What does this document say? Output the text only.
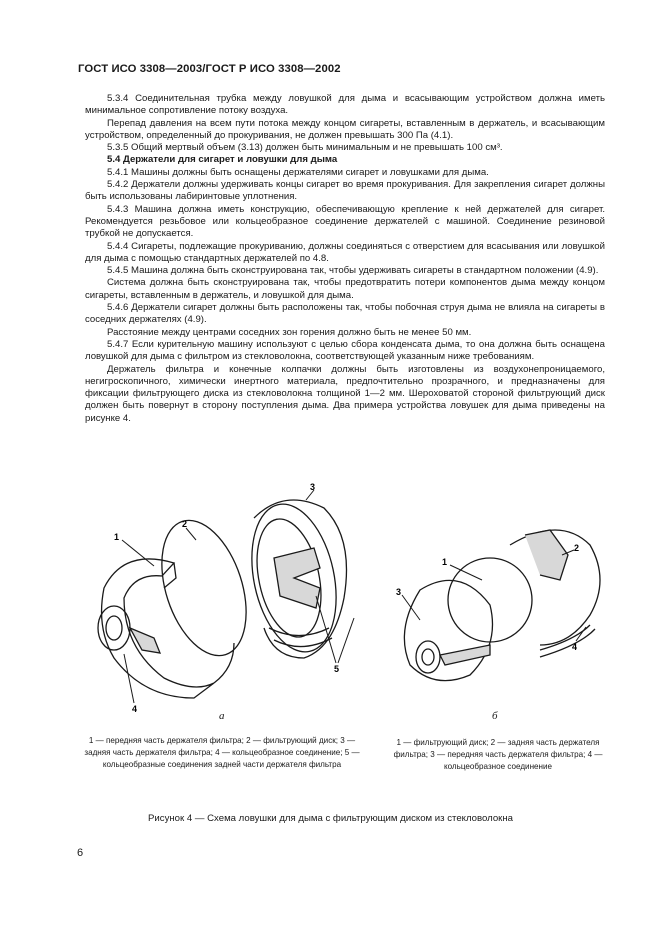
ГОСТ ИСО 3308—2003/ГОСТ Р ИСО 3308—2002

5.3.4 Соединительная трубка между ловушкой для дыма и всасывающим устройством должна иметь минимальное сопротивление потоку воздуха.

Перепад давления на всем пути потока между концом сигареты, вставленным в держатель, и всасывающим устройством, определенный до прокуривания, не должен превышать 300 Па (4.1).

5.3.5 Общий мертвый объем (3.13) должен быть минимальным и не превышать 100 см³.

5.4 Держатели для сигарет и ловушки для дыма

5.4.1 Машины должны быть оснащены держателями сигарет и ловушками для дыма.

5.4.2 Держатели должны удерживать концы сигарет во время прокуривания. Для закрепления сигарет должны быть использованы лабиринтовые уплотнения.

5.4.3 Машина должна иметь конструкцию, обеспечивающую крепление к ней держателей для сигарет. Рекомендуется резьбовое или кольцеобразное соединение держателей с машиной. Соединение резиновой трубкой не допускается.

5.4.4 Сигареты, подлежащие прокуриванию, должны соединяться с отверстием для всасывания или ловушкой для дыма с помощью стандартных держателей по 4.8.

5.4.5 Машина должна быть сконструирована так, чтобы удерживать сигареты в стандартном положении (4.9).

Система должна быть сконструирована так, чтобы предотвратить потери компонентов дыма между концом сигареты, вставленным в держатель, и ловушкой для дыма.

5.4.6 Держатели сигарет должны быть расположены так, чтобы побочная струя дыма не влияла на сигареты в соседних держателях (4.9).

Расстояние между центрами соседних зон горения должно быть не менее 50 мм.

5.4.7 Если курительную машину используют с целью сбора конденсата дыма, то она должна быть оснащена ловушкой для дыма с фильтром из стекловолокна, соответствующей указанным ниже требованиям.

Держатель фильтра и конечные колпачки должны быть изготовлены из воздухонепроницаемого, негигроскопичного, химически инертного материала, предпочтительно прозрачного, и предназначены для фиксации фильтрующего диска из стекловолокна толщиной 1—2 мм. Шероховатой стороной фильтрующий диск должен быть повернут в сторону поступления дыма. Два примера устройства ловушек для дыма приведены на рисунке 4.

1
2
3
4
5
1
2
3
4
а	б
1 — передняя часть держателя фильтра; 2 — фильтрующий диск; 3 — задняя часть держателя фильтра; 4 — кольцеобразное соединение; 5 — кольцеобразные соединения задней части держателя фильтра
1 — фильтрующий диск; 2 — задняя часть держателя фильтра; 3 — передняя часть держателя фильтра; 4 — кольцеобразное соединение
Рисунок 4 — Схема ловушки для дыма с фильтрующим диском из стекловолокна
6
